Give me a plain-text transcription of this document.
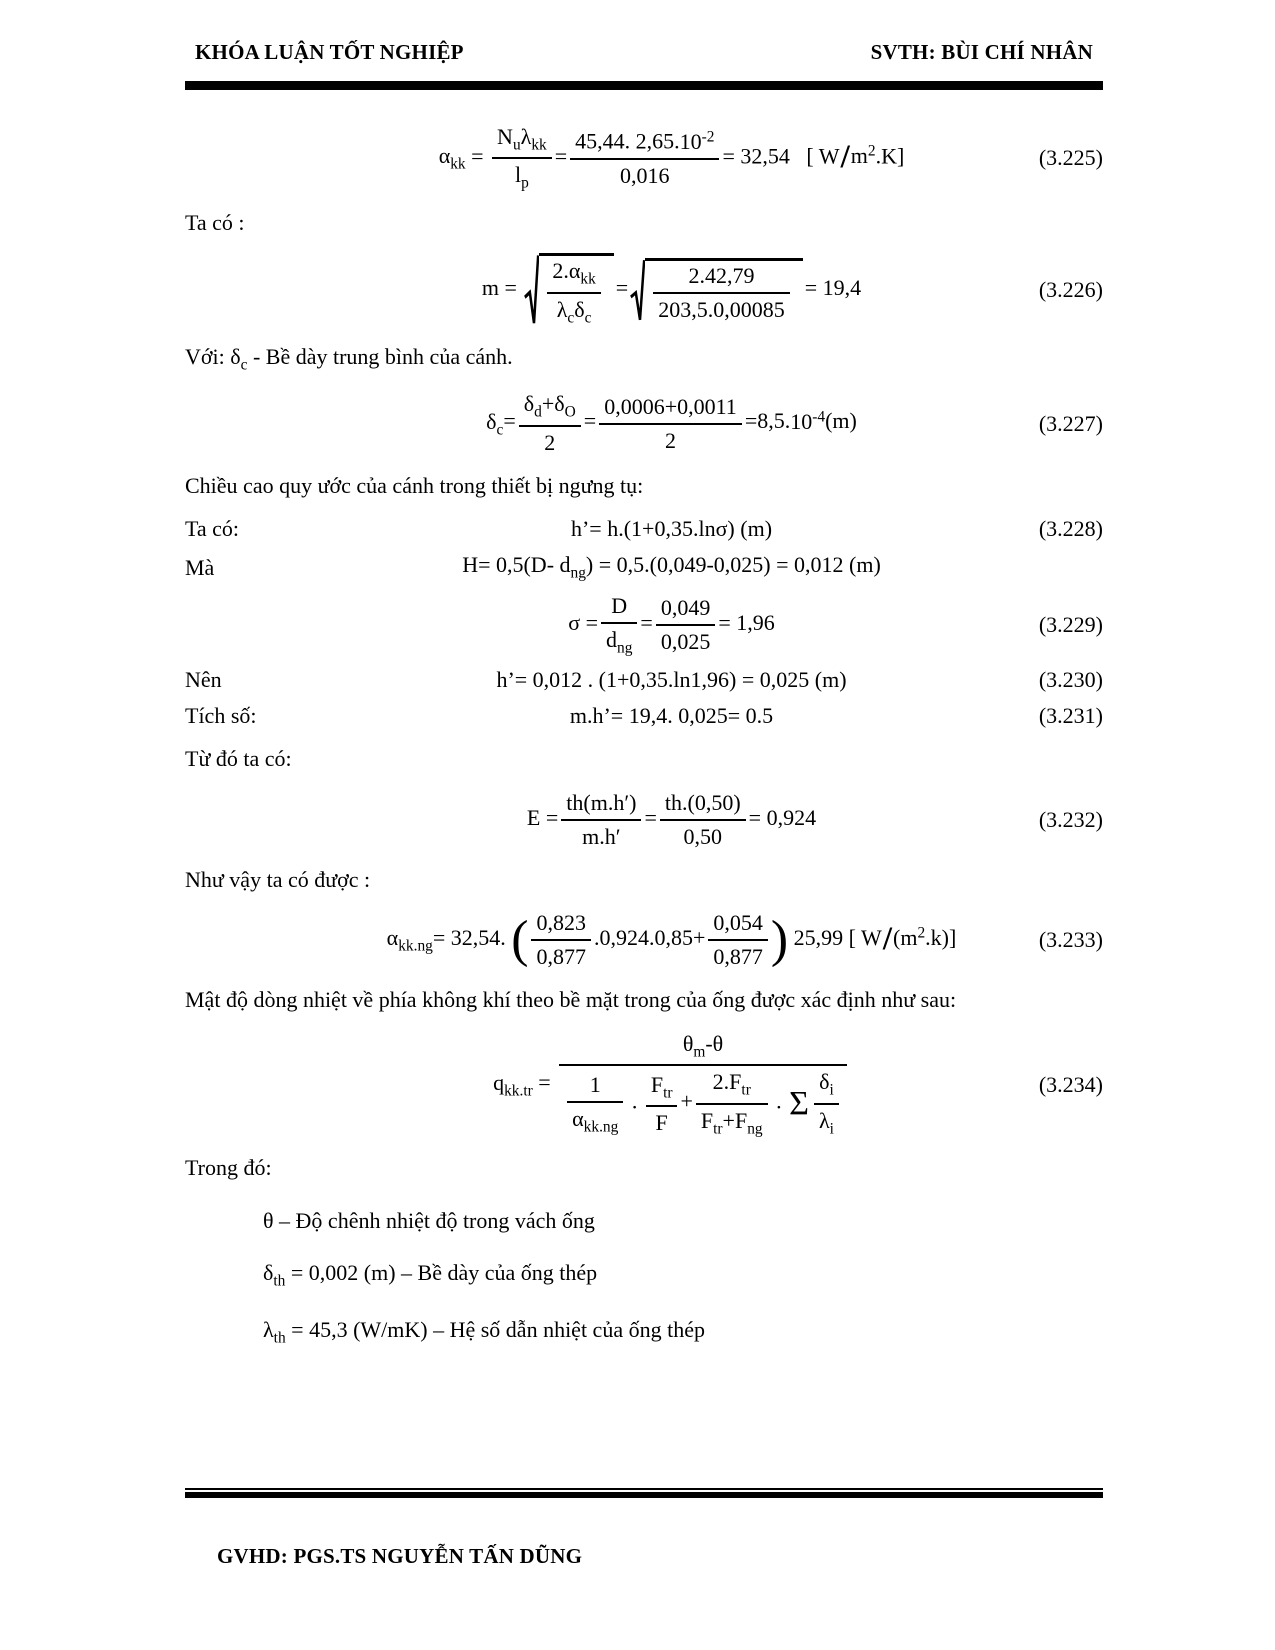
KHÓA LUẬN TỐT NGHIỆP	SVTH: BÙI CHÍ NHÂN
$\alpha_{kk} = \frac{N_u\lambda_{kk}}{l_p} = \frac{45,44. 2,65.10^{-2}}{0,016} = 32,54$   [ $W/m^2.K$]	(3.225)
Ta có :
$m = \frac{2.\alpha_{kk}}{\lambda_c\delta_c} = \frac{2.42,79}{203,5.0,00085} = 19,4$	(3.226)
Với: $\delta_c$ - Bề dày trung bình của cánh.
$\delta_c= \frac{\delta_d+\delta_O}{2} = \frac{0,0006+0,0011}{2} =8,5.10^{-4}(m)$	(3.227)
Chiều cao quy ước của cánh trong thiết bị ngưng tụ:
Ta có:	h’= h.(1+0,35.lnσ) (m)	(3.228)
Mà	H= 0,5(D- $d_{ng}) = 0,5.(0,049-0,025) = 0,012$ (m)
$\sigma = \frac{D}{d_{ng}} = \frac{0,049}{0,025} = 1,96$	(3.229)
Nên	h’= 0,012 . (1+0,35.ln1,96) = 0,025 (m)	(3.230)
Tích số:	m.h’= 19,4. 0,025= 0.5	(3.231)
Từ đó ta có:
$E = \frac{th(m.h')}{m.h'} = \frac{th.(0,50)}{0,50} = 0,924$	(3.232)
Như vậy ta có được :
$\alpha_{kk.ng}= 32,54$. ( $\frac{0,823}{0,877} .0,924.0,85+ \frac{0,054}{0,877}$ ) 25,99 [ $W/(m^2.k)$]	(3.233)
Mật độ dòng nhiệt về phía không khí theo bề mặt trong của ống được xác định như sau:
$q_{kk.tr} = \frac{\theta_m-\theta}{\frac{1}{\alpha_{kk.ng}} . \frac{F_{tr}}{F} + \frac{2.F_{tr}}{F_{tr}+F_{ng}} . \Sigma \frac{\delta_i}{\lambda_i}}$	(3.234)
Trong đó:
θ – Độ chênh nhiệt độ trong vách ống
$\delta_{th} = 0,002$ (m) – Bề dày của ống thép
$\lambda_{th} = 45,3$ (W/mK) – Hệ số dẫn nhiệt của ống thép
GVHD: PGS.TS NGUYỄN TẤN DŨNG
